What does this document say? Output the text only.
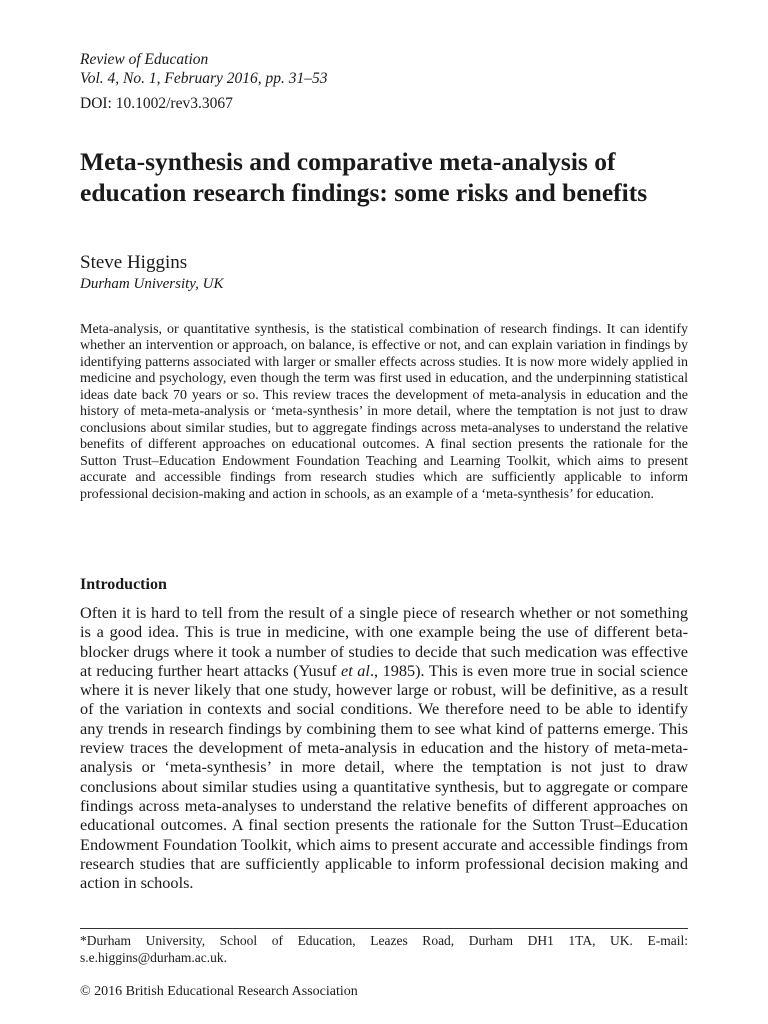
Review of Education
Vol. 4, No. 1, February 2016, pp. 31–53
DOI: 10.1002/rev3.3067
Meta-synthesis and comparative meta-analysis of education research findings: some risks and benefits
Steve Higgins
Durham University, UK

Meta-analysis, or quantitative synthesis, is the statistical combination of research findings. It can identify whether an intervention or approach, on balance, is effective or not, and can explain variation in findings by identifying patterns associated with larger or smaller effects across studies. It is now more widely applied in medicine and psychology, even though the term was first used in education, and the underpinning statistical ideas date back 70 years or so. This review traces the development of meta-analysis in education and the history of meta-meta-analysis or ‘meta-synthesis’ in more detail, where the temptation is not just to draw conclusions about similar studies, but to aggregate findings across meta-analyses to understand the relative benefits of different approaches on educational outcomes. A final section presents the rationale for the Sutton Trust–Education Endowment Foundation Teaching and Learning Toolkit, which aims to present accurate and accessible findings from research studies which are sufficiently applicable to inform professional decision-making and action in schools, as an example of a ‘meta-synthesis’ for education.

Introduction

Often it is hard to tell from the result of a single piece of research whether or not something is a good idea. This is true in medicine, with one example being the use of different beta-blocker drugs where it took a number of studies to decide that such medication was effective at reducing further heart attacks (Yusuf et al., 1985). This is even more true in social science where it is never likely that one study, however large or robust, will be definitive, as a result of the variation in contexts and social conditions. We therefore need to be able to identify any trends in research findings by combining them to see what kind of patterns emerge. This review traces the development of meta-analysis in education and the history of meta-meta-analysis or ‘meta-synthesis’ in more detail, where the temptation is not just to draw conclusions about similar studies using a quantitative synthesis, but to aggregate or compare findings across meta-analyses to understand the relative benefits of different approaches on educational outcomes. A final section presents the rationale for the Sutton Trust–Education Endowment Foundation Toolkit, which aims to present accurate and accessible findings from research studies that are sufficiently applicable to inform professional decision making and action in schools.

*Durham University, School of Education, Leazes Road, Durham DH1 1TA, UK. E-mail: s.e.higgins@durham.ac.uk.

© 2016 British Educational Research Association
